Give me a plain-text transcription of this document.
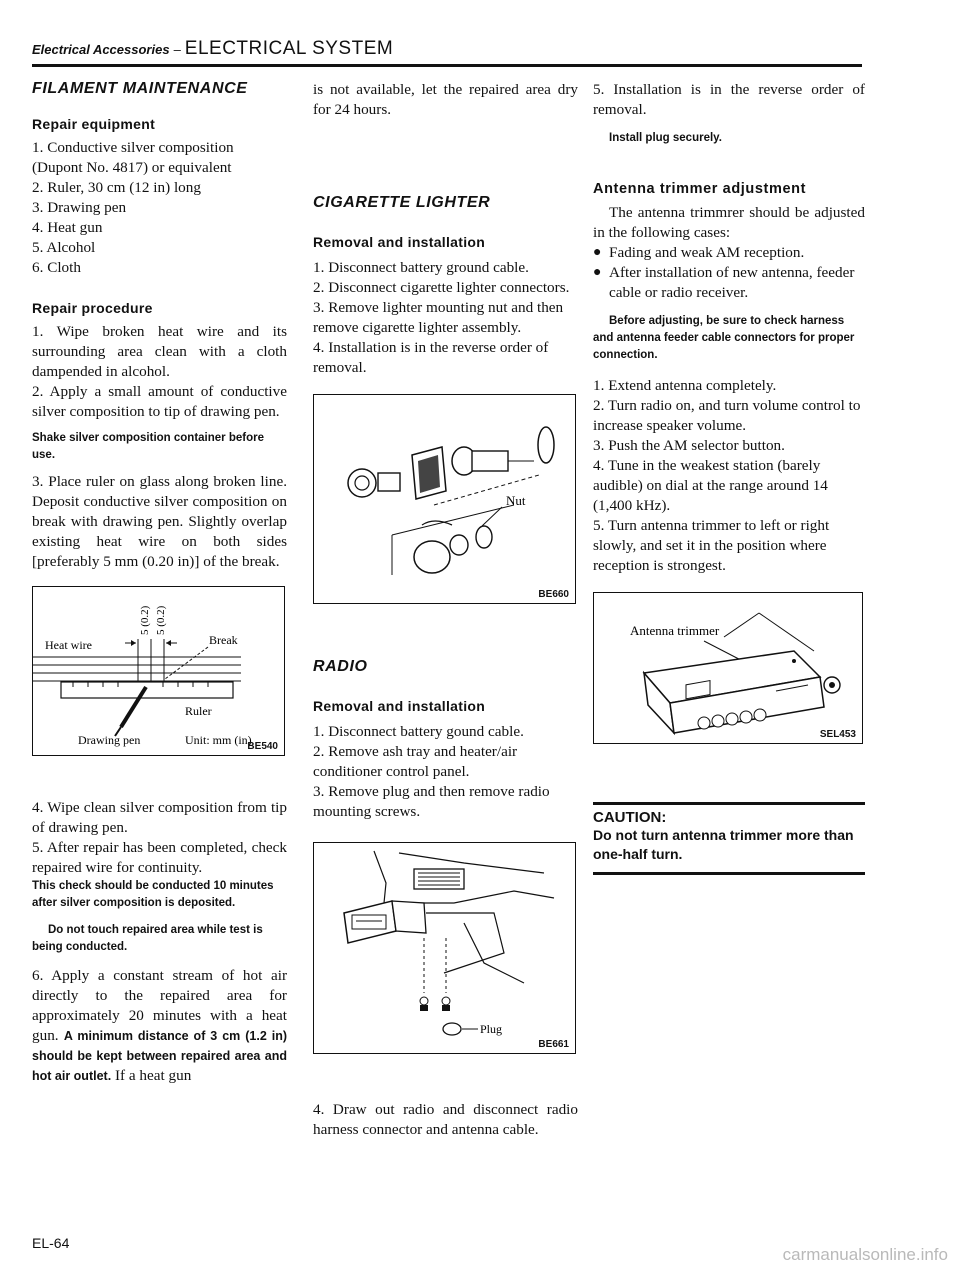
Electrical Accessories – ELECTRICAL SYSTEM
FILAMENT MAINTENANCE
Repair equipment
1. Conductive silver composition (Dupont No. 4817) or equivalent
2. Ruler, 30 cm (12 in) long
3. Drawing pen
4. Heat gun
5. Alcohol
6. Cloth
Repair procedure

1. Wipe broken heat wire and its surrounding area clean with a cloth dampended in alcohol.

2. Apply a small amount of conductive silver composition to tip of drawing pen.

Shake silver composition container before use.

3. Place ruler on glass along broken line. Deposit conductive silver composition on break with drawing pen. Slightly overlap existing heat wire on both sides [preferably 5 mm (0.20 in)] of the break.

Heat wire
5 (0.2) 5 (0.2)
Break
Ruler
Drawing pen	Unit: mm (in)
BE540

4. Wipe clean silver composition from tip of drawing pen.

5. After repair has been completed, check repaired wire for continuity.

This check should be conducted 10 minutes after silver composition is deposited.
Do not touch repaired area while test is being conducted.

6. Apply a constant stream of hot air directly to the repaired area for approximately 20 minutes with a heat gun. A minimum distance of 3 cm (1.2 in) should be kept between repaired area and hot air outlet. If a heat gun

is not available, let the repaired area dry for 24 hours.

CIGARETTE LIGHTER
Removal and installation
1. Disconnect battery ground cable.
2. Disconnect cigarette lighter connectors.
3. Remove lighter mounting nut and then remove cigarette lighter assembly.
4. Installation is in the reverse order of removal.
Nut
BE660
RADIO
Removal and installation
1. Disconnect battery gound cable.
2. Remove ash tray and heater/air conditioner control panel.
3. Remove plug and then remove radio mounting screws.
Plug
BE661

4. Draw out radio and disconnect radio harness connector and antenna cable.

5. Installation is in the reverse order of removal.

Install plug securely.
Antenna trimmer adjustment

The antenna trimmrer should be adjusted in the following cases:

● Fading and weak AM reception.
● After installation of new antenna, feeder cable or radio receiver.
Before adjusting, be sure to check harness and antenna feeder cable connectors for proper connection.
1. Extend antenna completely.
2. Turn radio on, and turn volume control to increase speaker volume.
3. Push the AM selector button.
4. Tune in the weakest station (barely audible) on dial at the range around 14 (1,400 kHz).
5. Turn antenna trimmer to left or right slowly, and set it in the position where reception is strongest.
Antenna trimmer
SEL453
CAUTION:
Do not turn antenna trimmer more than one-half turn.
EL-64
carmanualsonline.info
